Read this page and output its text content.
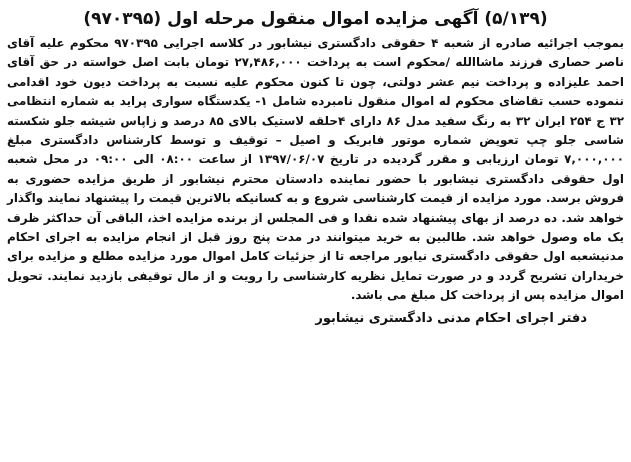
(۵/۱۳۹) آگهی مزایده اموال منقول مرحله اول (۹۷۰۳۹۵)

بموجب اجرائیه صادره از شعبه ۴ حقوقی دادگستری نیشابور در کلاسه اجرایی ۹۷۰۳۹۵ محکوم علیه آقای ناصر حصاری فرزند ماشاالله /محکوم است به پرداخت ۲۷,۴۸۶,۰۰۰ تومان بابت اصل خواسته در حق آقای احمد علیزاده و پرداخت نیم عشر دولتی، چون تا کنون محکوم علیه نسبت به پرداخت دیون خود اقدامی ننموده حسب تقاضای محکوم له اموال منقول نامبرده شامل ۱- یکدستگاه سواری پراید به شماره انتظامی ۳۲ ج ۲۵۴ ایران ۳۲ به رنگ سفید مدل ۸۶ دارای ۴حلقه لاستیک بالای ۸۵ درصد و زاپاس شیشه جلو شکسته شاسی جلو چپ تعویض شماره موتور فابریک و اصیل – توقیف و توسط کارشناس دادگستری مبلغ ۷,۰۰۰,۰۰۰ تومان ارزیابی و مقرر گردیده در تاریخ ۱۳۹۷/۰۶/۰۷ از ساعت ۰۸:۰۰ الی ۰۹:۰۰ در محل شعبه اول حقوقی دادگستری نیشابور با حضور نماینده دادستان محترم نیشابور از طریق مزایده حضوری به فروش برسد. مورد مزایده از قیمت کارشناسی شروع و به کسانیکه بالاترین قیمت را پیشنهاد نمایند واگذار خواهد شد. ده درصد از بهای پیشنهاد شده نقدا و فی المجلس از برنده مزایده اخذ، الباقی آن حداکثر ظرف یک ماه وصول خواهد شد. طالبین به خرید میتوانند در مدت پنج روز قبل از انجام مزایده به اجرای احکام مدنیشعبه اول حقوقی دادگستری نیابور مراجعه تا از جزئیات کامل اموال مورد مزایده مطلع و مزایده برای خریداران تشریح گردد و در صورت تمایل نظریه کارشناسی را رویت و از مال توقیفی بازدید نمایند. تحویل اموال مزایده پس از پرداخت کل مبلغ می باشد.

دفتر اجرای احکام مدنی دادگستری نیشابور
